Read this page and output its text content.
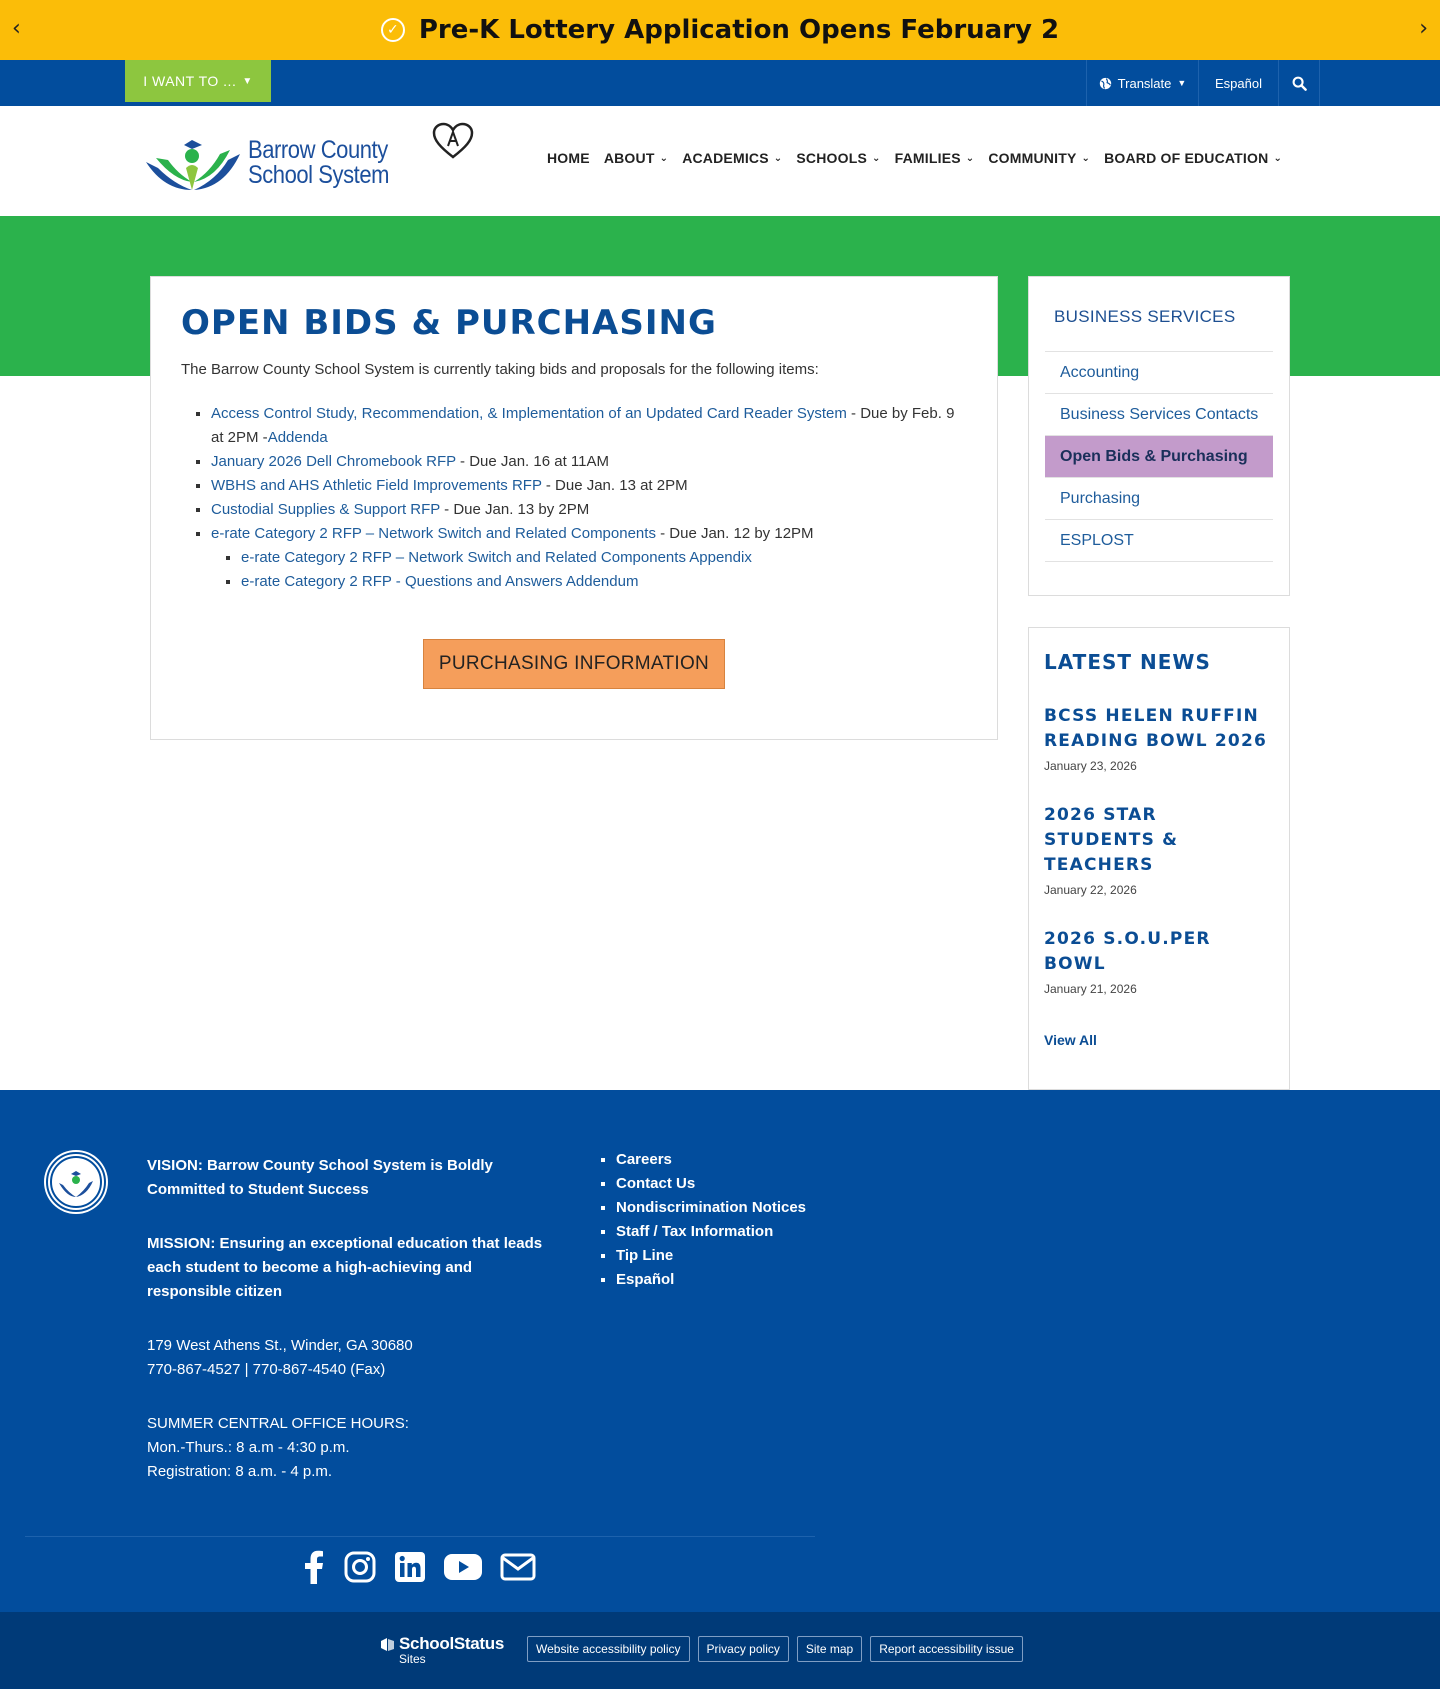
‹	✓ Pre-K Lottery Application Opens February 2	›
I WANT TO ... ▼	Translate ▼ Español
Barrow County
School System
HOME ABOUT ⌄ ACADEMICS ⌄ SCHOOLS ⌄ FAMILIES ⌄ COMMUNITY ⌄ BOARD OF EDUCATION ⌄
OPEN BIDS & PURCHASING

The Barrow County School System is currently taking bids and proposals for the following items:

▪ Access Control Study, Recommendation, & Implementation of an Updated Card Reader System - Due by Feb. 9 at 2PM -Addenda
▪ January 2026 Dell Chromebook RFP - Due Jan. 16 at 11AM
▪ WBHS and AHS Athletic Field Improvements RFP - Due Jan. 13 at 2PM
▪ Custodial Supplies & Support RFP - Due Jan. 13 by 2PM
▪ e-rate Category 2 RFP – Network Switch and Related Components - Due Jan. 12 by 12PM
▪ e-rate Category 2 RFP – Network Switch and Related Components Appendix
▪ e-rate Category 2 RFP - Questions and Answers Addendum
PURCHASING INFORMATION
BUSINESS SERVICES
Accounting
Business Services Contacts
Open Bids & Purchasing
Purchasing
ESPLOST
LATEST NEWS
BCSS HELEN RUFFIN READING BOWL 2026
January 23, 2026
2026 STAR STUDENTS & TEACHERS
January 22, 2026
2026 S.O.U.PER BOWL
January 21, 2026
View All
VISION: Barrow County School System is Boldly Committed to Student Success
MISSION: Ensuring an exceptional education that leads each student to become a high-achieving and responsible citizen
179 West Athens St., Winder, GA 30680
770-867-4527 | 770-867-4540 (Fax)
SUMMER CENTRAL OFFICE HOURS:
Mon.-Thurs.: 8 a.m - 4:30 p.m.
Registration: 8 a.m. - 4 p.m.
▪ Careers
▪ Contact Us
▪ Nondiscrimination Notices
▪ Staff / Tax Information
▪ Tip Line
▪ Español
SchoolStatus
Sites
Website accessibility policy	Privacy policy	Site map	Report accessibility issue
